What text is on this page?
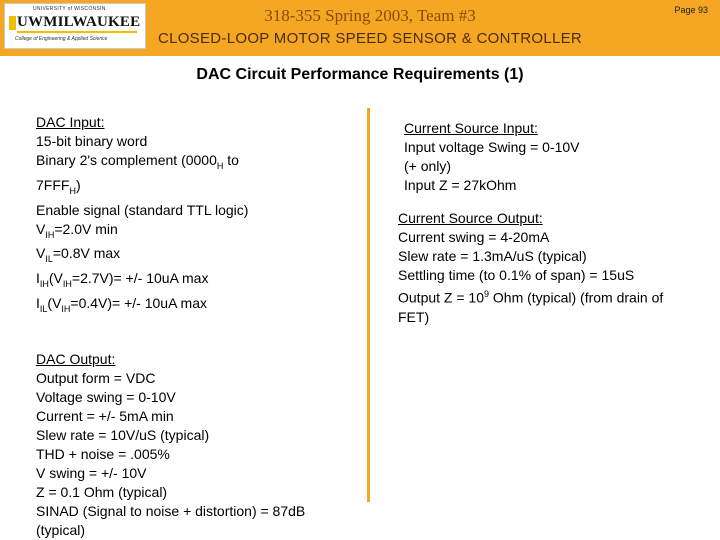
UNIVERSITY of WISCONSIN
UWMILWAUKEE
College of Engineering & Applied Science
318-355 Spring 2003, Team #3
CLOSED-LOOP MOTOR SPEED SENSOR & CONTROLLER
Page 93
DAC Circuit Performance Requirements (1)
DAC Input:
15-bit binary word
Binary 2's complement ($0000_H$ to
$7FFF_H$)
Enable signal (standard TTL logic)
$V_{IH}=2.0V$ min
$V_{IL}=0.8V$ max
$I_{IH}(V_{IH}=2.7V)=$ +/- 10uA max
$I_{IL}(V_{IH}=0.4V)=$ +/- 10uA max
DAC Output:
Output form = VDC
Voltage swing = 0-10V
Current = +/- 5mA min
Slew rate = 10V/uS (typical)
THD + noise = .005%
V swing = +/- 10V
Z = 0.1 Ohm (typical)
SINAD (Signal to noise + distortion) = 87dB
(typical)
Current Source Input:
Input voltage Swing = 0-10V
(+ only)
Input Z = 27kOhm
Current Source Output:
Current swing = 4-20mA
Slew rate = 1.3mA/uS (typical)
Settling time (to 0.1% of span) = 15uS
Output $Z = 10^9$ Ohm (typical) (from drain of
FET)
